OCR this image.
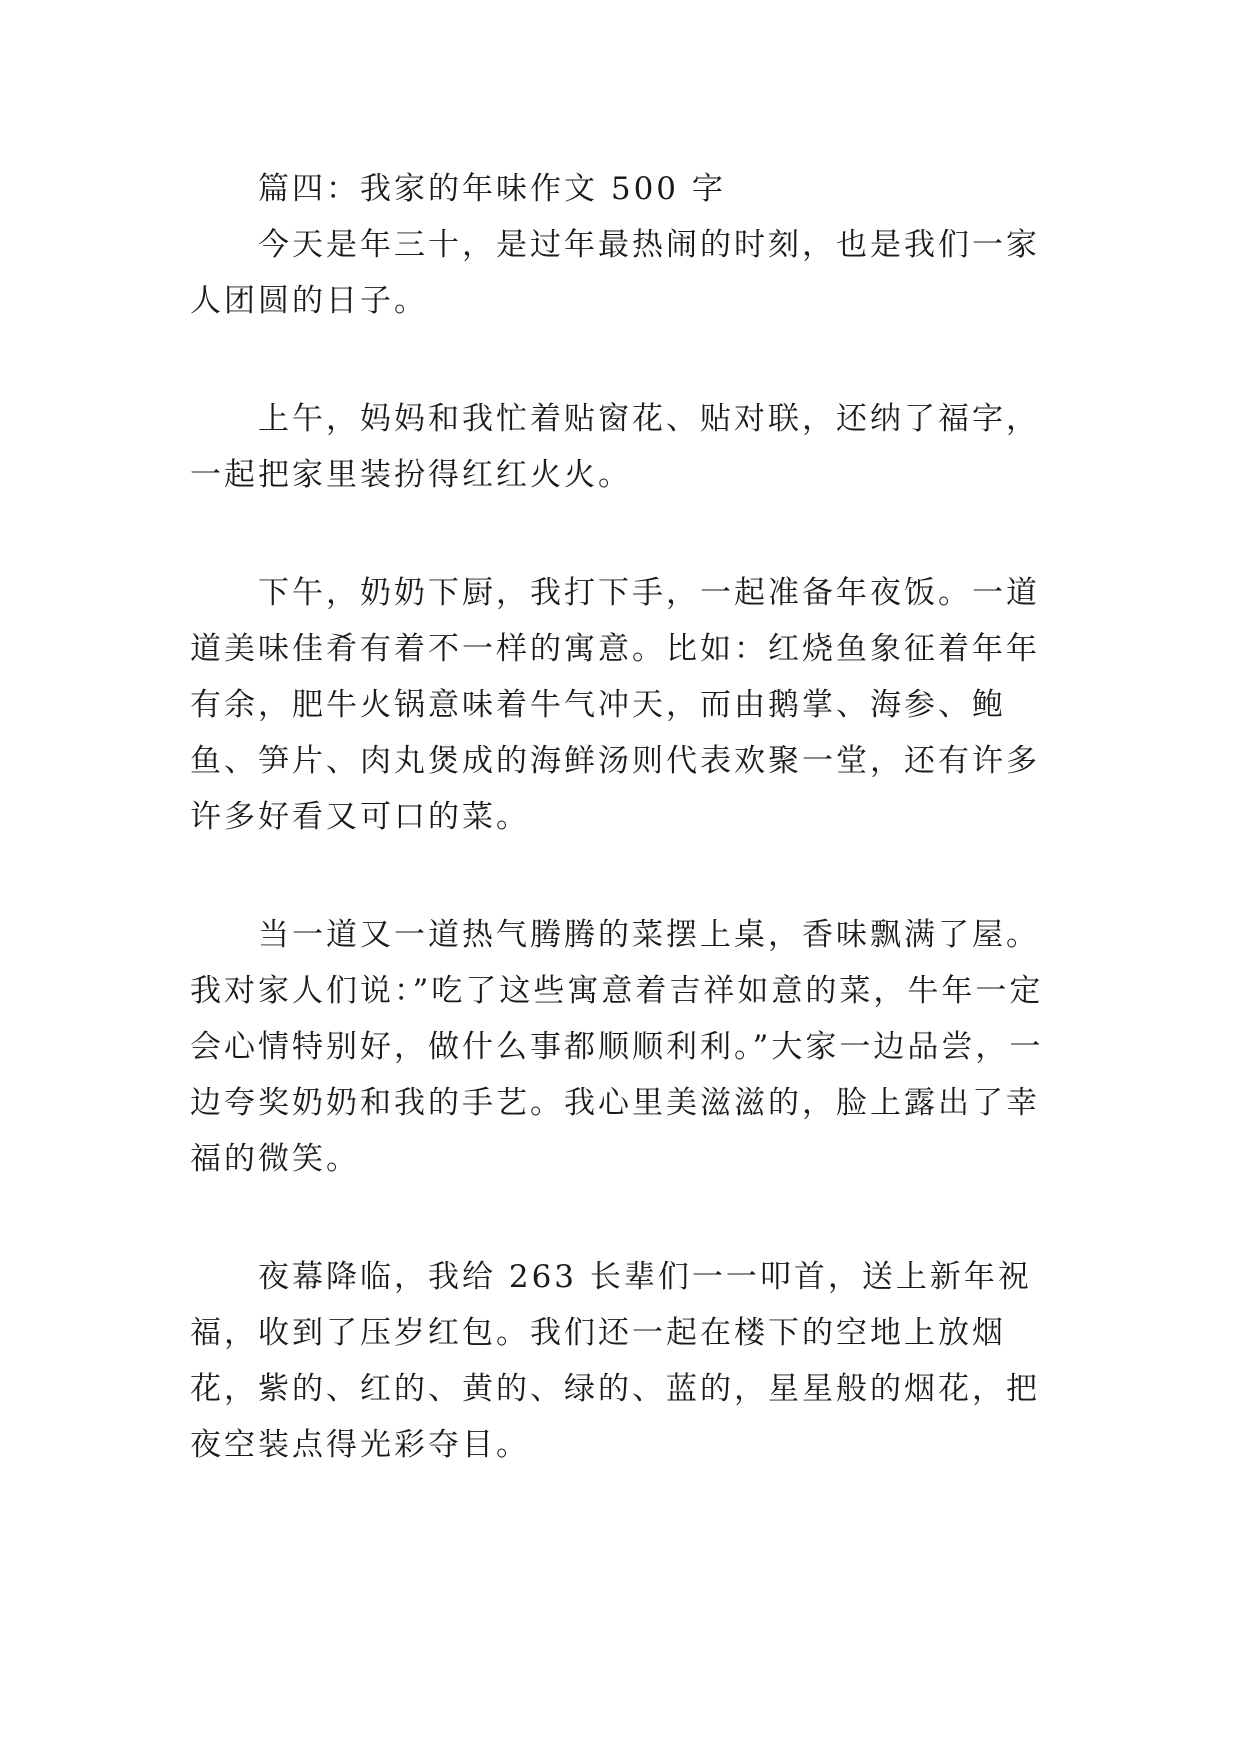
　　篇四：我家的年味作文 500 字

　　今天是年三十，是过年最热闹的时刻，也是我们一家人团圆的日子。

　　上午，妈妈和我忙着贴窗花、贴对联，还纳了福字，一起把家里装扮得红红火火。

　　下午，奶奶下厨，我打下手，一起准备年夜饭。一道道美味佳肴有着不一样的寓意。比如：红烧鱼象征着年年有余，肥牛火锅意味着牛气冲天，而由鹅掌、海参、鲍鱼、笋片、肉丸煲成的海鲜汤则代表欢聚一堂，还有许多许多好看又可口的菜。

　　当一道又一道热气腾腾的菜摆上桌，香味飘满了屋。我对家人们说：”吃了这些寓意着吉祥如意的菜，牛年一定会心情特别好，做什么事都顺顺利利。”大家一边品尝，一边夸奖奶奶和我的手艺。我心里美滋滋的，脸上露出了幸福的微笑。

　　夜幕降临，我给 263 长辈们一一叩首，送上新年祝福，收到了压岁红包。我们还一起在楼下的空地上放烟花，紫的、红的、黄的、绿的、蓝的，星星般的烟花，把夜空装点得光彩夺目。
